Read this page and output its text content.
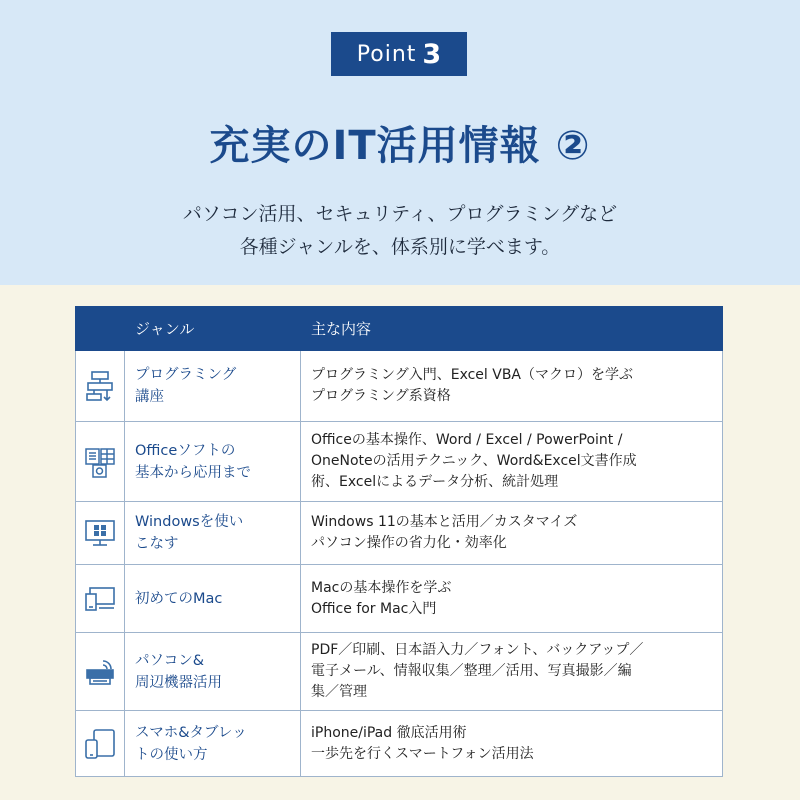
Point 3
充実のIT活用情報 ②
パソコン活用、セキュリティ、プログラミングなど
各種ジャンルを、体系別に学べます。
	ジャンル	主な内容

プログラミング
講座	プログラミング入門、Excel VBA（マクロ）を学ぶ
プログラミング系資格

Officeソフトの
基本から応用まで	Officeの基本操作、Word / Excel / PowerPoint /
OneNoteの活用テクニック、Word&Excel文書作成
術、Excelによるデータ分析、統計処理

Windowsを使い
こなす	Windows 11の基本と活用／カスタマイズ
パソコン操作の省力化・効率化

初めてのMac	Macの基本操作を学ぶ
Office for Mac入門

パソコン&
周辺機器活用	PDF／印刷、日本語入力／フォント、バックアップ／
電子メール、情報収集／整理／活用、写真撮影／編
集／管理

スマホ&タブレッ
トの使い方	iPhone/iPad 徹底活用術
一歩先を行くスマートフォン活用法
